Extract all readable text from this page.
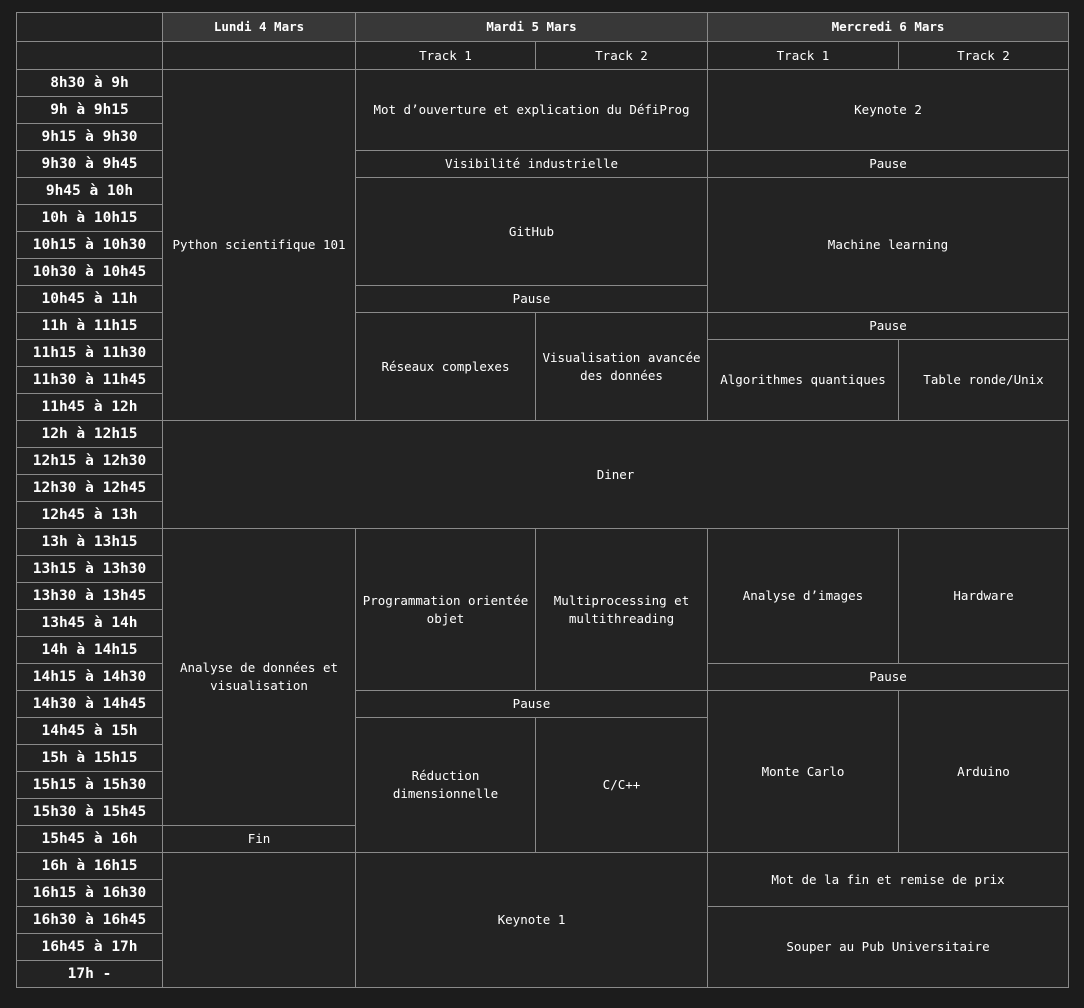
	Lundi 4 Mars	Mardi 5 Mars		Mercredi 6 Mars	
		Track 1	Track 2	Track 1	Track 2
8h30 à 9h	Python scientifique 101	Mot d’ouverture et explication du DéfiProg		Keynote 2	
9h à 9h15					
9h15 à 9h30					
9h30 à 9h45		Visibilité industrielle		Pause	
9h45 à 10h		GitHub		Machine learning	
10h à 10h15					
10h15 à 10h30					
10h30 à 10h45					
10h45 à 11h		Pause			
11h à 11h15		Réseaux complexes	Visualisation avancée des données	Pause	
11h15 à 11h30				Algorithmes quantiques	Table ronde/Unix
11h30 à 11h45					
11h45 à 12h					
12h à 12h15	Diner				
12h15 à 12h30					
12h30 à 12h45					
12h45 à 13h					
13h à 13h15	Analyse de données et visualisation	Programmation orientée objet	Multiprocessing et multithreading	Analyse d’images	Hardware
13h15 à 13h30					
13h30 à 13h45					
13h45 à 14h					
14h à 14h15					
14h15 à 14h30				Pause	
14h30 à 14h45		Pause		Monte Carlo	Arduino
14h45 à 15h		Réduction dimensionnelle	C/C++		
15h à 15h15					
15h15 à 15h30					
15h30 à 15h45					
15h45 à 16h	Fin				
16h à 16h15		Keynote 1		Mot de la fin et remise de prix	
16h15 à 16h30					
16h30 à 16h45				Souper au Pub Universitaire	
16h45 à 17h					
17h -					
